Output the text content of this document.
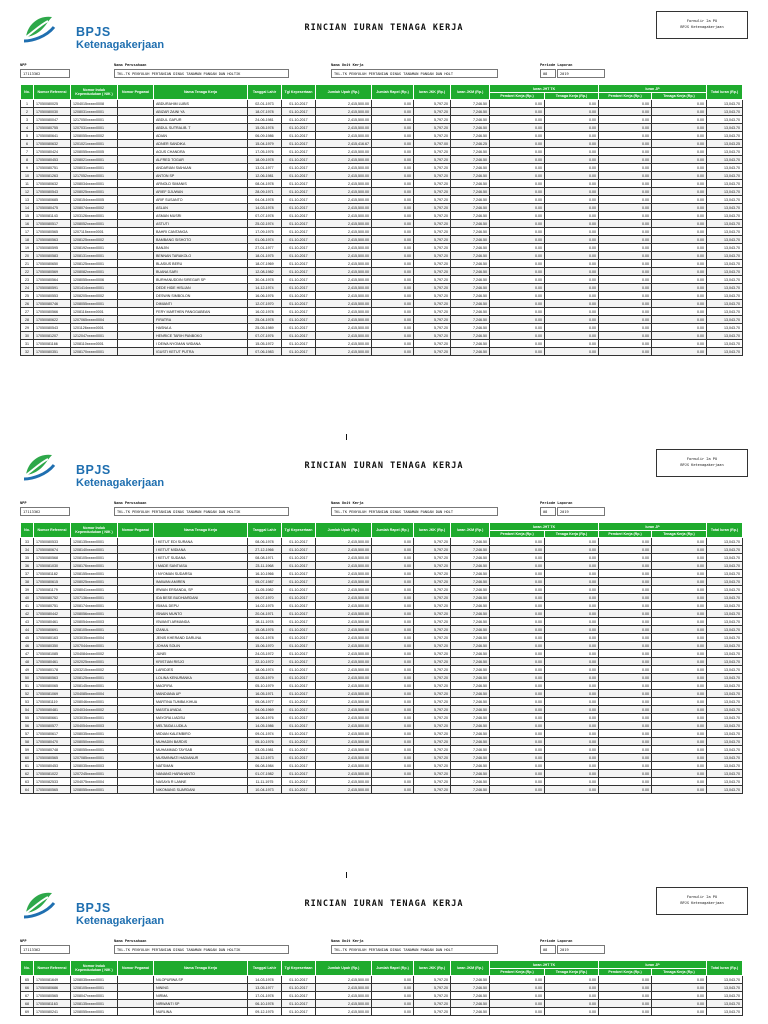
BPJS
Ketenagakerjaan
RINCIAN IURAN TENAGA KERJA
Formulir 2a PU
BPJS Ketenagakerjaan
NPP
17113362
Nama Perusahaan
TKL-TK PENYULUH PERTANIAN DINAS TANAMAN PANGAN DAN HOLTIK
Nama Unit Kerja
TKL-TK PENYULUH PERTANIAN DINAS TANAMAN PANGAN DAN HOLT
Periode Laporan
08	2019
No.	Nomor Referensi	Nomor Induk Kependudukan ( NIK )	Nomor Pegawai	Nama Tenaga Kerja	Tanggal Lahir	Tgl Kepesertaan	Jumlah Upah (Rp.)	Jumlah Rapel (Rp.)	Iuran JKK (Rp.)	Iuran JKM (Rp.)	Iuran JHT TK		Iuran JP		Total Iuran (Rp.)
											Pemberi Kerja (Rp.)	Tenaga Kerja (Rp.)	Pemberi Kerja (Rp.)	Tenaga Kerja (Rp.)	
1	17050080025	1204015xxxxx0008		ABDURAHIM LUBIS	02-01-1973	01-10-2017	2,415,500.00	0.00	5,797.20	7,246.50	0.00	0.00	0.00	0.00	13,043.70
2	17050080030	1208031xxxxx0001		ABIZAR ZAINI YA	18-07-1978	01-10-2017	2,415,500.00	0.00	5,797.20	7,246.50	0.00	0.00	0.00	0.00	13,043.70
3	17050080047	1217050xxxxx0001		ABDUL GAFUR	24-06-1981	01-10-2017	2,415,500.00	0.00	5,797.20	7,246.50	0.00	0.00	0.00	0.00	13,043.70
4	17050080755	1207031xxxxx0001		ABDUL SUTRALIB. T	15-05-1978	01-10-2017	2,415,500.00	0.00	5,797.20	7,246.50	0.00	0.00	0.00	0.00	13,043.70
5	17050080641	1208055xxxxx0002		ADIAN	06-09-1986	01-10-2017	2,415,500.00	0.00	5,797.20	7,246.50	0.00	0.00	0.00	0.00	13,043.70
6	17050080632	1201021xxxxx0001		ADNER SANDIKA	15-04-1979	01-10-2017	2,415,416.67	0.00	5,797.00	7,246.25	0.00	0.00	0.00	0.00	13,043.25
7	17050080424	1208055xxxxx0005		AGUS CHANDRA	17-05-1976	01-10-2017	2,415,500.00	0.00	5,797.20	7,246.50	0.00	0.00	0.00	0.00	13,043.70
8	17050080453	1208021xxxxx0001		ALFRED TOGAR	18-09-1978	01-10-2017	2,415,500.00	0.00	5,797.20	7,246.50	0.00	0.00	0.00	0.00	13,043.70
9	17050080751	1208031xxxxx0001		ANDARIAN SIAHAAN	13-01-1977	01-10-2017	2,415,500.00	0.00	5,797.20	7,246.50	0.00	0.00	0.00	0.00	13,043.70
10	17050081263	1217052xxxxx0001		ANTON SP	12-06-1981	01-10-2017	2,415,500.00	0.00	5,797.20	7,246.50	0.00	0.00	0.00	0.00	13,043.70
11	17050080632	1208034xxxxx0001		ARNOLD SIMANIS	08-04-1978	01-10-2017	2,415,500.00	0.00	5,797.20	7,246.50	0.00	0.00	0.00	0.00	13,043.70
12	17050080543	1208025xxxxx0001		ARIEF DJUWAN	28-09-1971	01-10-2017	2,415,500.00	0.00	5,797.20	7,246.50	0.00	0.00	0.00	0.00	13,043.70
13	17050080685	1208154xxxxx0005		ARIF SUSANTO	04-04-1978	01-10-2017	2,415,500.00	0.00	5,797.20	7,246.50	0.00	0.00	0.00	0.00	13,043.70
14	17050080475	1208074xxxxx0002		ASLAN	14-03-1978	01-10-2017	2,415,500.00	0.00	5,797.20	7,246.50	0.00	0.00	0.00	0.00	13,043.70
15	17050081143	1203126xxxxx0001		ASMAN MUSRI	07-07-1978	01-10-2017	2,415,500.00	0.00	5,797.20	7,246.50	0.00	0.00	0.00	0.00	13,043.70
16	17050080517	1208052xxxxx0001		ASTUTI	25-02-1974	01-10-2017	2,415,500.00	0.00	5,797.20	7,246.50	0.00	0.00	0.00	0.00	13,043.70
17	17050080565	1207115xxxxx0001		BAHRI CANTANGA	17-09-1975	01-10-2017	2,415,500.00	0.00	5,797.20	7,246.50	0.00	0.00	0.00	0.00	13,043.70
18	17050080563	1208125xxxxx0002		BAMBANG SISHOTO	01-06-1974	01-10-2017	2,415,500.00	0.00	5,797.20	7,246.50	0.00	0.00	0.00	0.00	13,043.70
19	17050080595	1208192xxxxx0001		BANJIN	27-01-1977	01-10-2017	2,415,500.00	0.00	5,797.20	7,246.50	0.00	0.00	0.00	0.00	13,043.70
20	17050080583	1208131xxxxx0001		BENNAN TARAKOLO	18-01-1975	01-10-2017	2,415,500.00	0.00	5,797.20	7,246.50	0.00	0.00	0.00	0.00	13,043.70
21	17050080650	1208125xxxxx0001		BLASIUS BERU	18-07-1969	01-10-2017	2,415,500.00	0.00	5,797.20	7,246.50	0.00	0.00	0.00	0.00	13,043.70
22	17050080569	1208082xxxxx0001		BUANA SARI	12-08-1982	01-10-2017	2,415,500.00	0.00	5,797.20	7,246.50	0.00	0.00	0.00	0.00	13,043.70
23	17050080564	1208055xxxxx0006		BURHANUDDIN SIREGAR SP	30-04-1978	01-10-2017	2,415,500.00	0.00	5,797.20	7,246.50	0.00	0.00	0.00	0.00	13,043.70
24	17050080591	1201414xxxxx0001		DEDE HIDE HISLIAN	14-12-1974	01-10-2017	2,415,500.00	0.00	5,797.20	7,246.50	0.00	0.00	0.00	0.00	13,043.70
25	17050080553	1208205xxxxx0002		DESWIN SIMBOLON	16-06-1976	01-10-2017	2,415,500.00	0.00	5,797.20	7,246.50	0.00	0.00	0.00	0.00	13,043.70
26	17050080746	1208055xxxxx0001		DIMIANTI	12-07-1970	01-10-2017	2,415,500.00	0.00	5,797.20	7,246.50	0.00	0.00	0.00	0.00	13,043.70
27	17050080566	1208116xxxxx0001		FERY MARTHEN PANGGABEAN	16-02-1978	01-10-2017	2,415,500.00	0.00	5,797.20	7,246.50	0.00	0.00	0.00	0.00	13,043.70
28	17050080622	1207065xxxxx0004		FIRATRA	25-04-1978	01-10-2017	2,415,500.00	0.00	5,797.20	7,246.50	0.00	0.00	0.00	0.00	13,043.70
29	17050080543	1201126xxxxx0001		HASNA A	25-05-1989	01-10-2017	2,415,500.00	0.00	5,797.20	7,246.50	0.00	0.00	0.00	0.00	13,043.70
30	17050081207	1212047xxxxx0001		HENRICE TARIH PANBOKO	07-07-1976	01-10-2017	2,415,500.00	0.00	5,797.20	7,246.50	0.00	0.00	0.00	0.00	13,043.70
31	17050081166	1208110xxxxx0001		I DEWA NYOMAN WIDANA	15-05-1972	01-10-2017	2,415,500.00	0.00	5,797.20	7,246.50	0.00	0.00	0.00	0.00	13,043.70
32	17050080351	1208170xxxxx0001		IGUSTI KETUT PUTRA	07-06-1983	01-10-2017	2,415,500.00	0.00	5,797.20	7,246.50	0.00	0.00	0.00	0.00	13,043.70
BPJS
Ketenagakerjaan
RINCIAN IURAN TENAGA KERJA
Formulir 2a PU
BPJS Ketenagakerjaan
NPP
17113362
Nama Perusahaan
TKL-TK PENYULUH PERTANIAN DINAS TANAMAN PANGAN DAN HOLTIK
Nama Unit Kerja
TKL-TK PENYULUH PERTANIAN DINAS TANAMAN PANGAN DAN HOLT
Periode Laporan
08	2019
No.	Nomor Referensi	Nomor Induk Kependudukan ( NIK )	Nomor Pegawai	Nama Tenaga Kerja	Tanggal Lahir	Tgl Kepesertaan	Jumlah Upah (Rp.)	Jumlah Rapel (Rp.)	Iuran JKK (Rp.)	Iuran JKM (Rp.)	Iuran JHT TK		Iuran JP		Total Iuran (Rp.)
											Pemberi Kerja (Rp.)	Tenaga Kerja (Rp.)	Pemberi Kerja (Rp.)	Tenaga Kerja (Rp.)	
33	17050080533	1208135xxxxx0001		I KETUT EDI SURANA	08-06-1978	01-10-2017	2,415,500.00	0.00	5,797.20	7,246.50	0.00	0.00	0.00	0.00	13,043.70
34	17050080674	1208140xxxxx0001		I KETUT MIDIANA	27-12-1966	01-10-2017	2,415,500.00	0.00	5,797.20	7,246.50	0.00	0.00	0.00	0.00	13,043.70
35	17050080568	1208105xxxxx0001		I KETUT SUDANA	08-08-1971	01-10-2017	2,415,500.00	0.00	5,797.20	7,246.50	0.00	0.00	0.00	0.00	13,043.70
36	17050081030	1208176xxxxx0001		I MADE SANTIASA	23-11-1968	01-10-2017	2,415,500.00	0.00	5,797.20	7,246.50	0.00	0.00	0.00	0.00	13,043.70
37	17050081182	1208155xxxxx0001		I NYOMAN SUDARSA	16-10-1966	01-10-2017	2,415,500.00	0.00	5,797.20	7,246.50	0.00	0.00	0.00	0.00	13,043.70
38	17050080615	1208025xxxxx0001		IMAWAN AMIREN	05-07-1987	01-10-2017	2,415,500.00	0.00	5,797.20	7,246.50	0.00	0.00	0.00	0.00	13,043.70
39	17050081179	1208041xxxxx0001		IRWAN ERSANDA, SP	11-05-1982	01-10-2017	2,415,500.00	0.00	5,797.20	7,246.50	0.00	0.00	0.00	0.00	13,043.70
40	17050080752	1207136xxxxx0001		IDA BESE BUDHIARDANI	09-07-1970	01-10-2017	2,415,500.00	0.00	5,797.20	7,246.50	0.00	0.00	0.00	0.00	13,043.70
41	17050080751	1208174xxxxx0001		ISMAIL DEPU	14-02-1975	01-10-2017	2,415,500.00	0.00	5,797.20	7,246.50	0.00	0.00	0.00	0.00	13,043.70
42	17050080442	1208056xxxxx0001		ISNAIN MUNTO	20-04-1971	01-10-2017	2,415,500.00	0.00	5,797.20	7,246.50	0.00	0.00	0.00	0.00	13,043.70
43	17050080461	1208054xxxxx0003		ISWANTI ARMANDA	28-11-1978	01-10-2017	2,415,500.00	0.00	5,797.20	7,246.50	0.00	0.00	0.00	0.00	13,043.70
44	17050080691	1208105xxxxx0001		IZANUL	15-08-1976	01-10-2017	2,415,500.00	0.00	5,797.20	7,246.50	0.00	0.00	0.00	0.00	13,043.70
45	17050080163	1203035xxxxx0004		JENIS KHERAND DARLINA	06-01-1978	01-10-2017	2,415,500.00	0.00	5,797.20	7,246.50	0.00	0.00	0.00	0.00	13,043.70
46	17050080350	1207044xxxxx0001		JOHAN SOLIN	15-06-1970	01-10-2017	2,415,500.00	0.00	5,797.20	7,246.50	0.00	0.00	0.00	0.00	13,043.70
47	17050081085	1204084xxxxx0002		JUNEI	24-03-1972	01-10-2017	2,415,500.00	0.00	5,797.20	7,246.50	0.00	0.00	0.00	0.00	13,043.70
48	17050080461	1202025xxxxx0001		KRISTIAN RISJO	22-10-1972	01-10-2017	2,415,500.00	0.00	5,797.20	7,246.50	0.00	0.00	0.00	0.00	13,043.70
49	17050080178	1203215xxxxx0002		LARIDJES	18-06-1974	01-10-2017	2,415,500.00	0.00	5,797.20	7,246.50	0.00	0.00	0.00	0.00	13,043.70
50	17050080563	1208125xxxxx0001		LOLINA KENURANKA	02-05-1979	01-10-2017	2,415,500.00	0.00	5,797.20	7,246.50	0.00	0.00	0.00	0.00	13,043.70
51	17050080065	1208145xxxxx0001		MAGFIRA	05-10-1979	01-10-2017	2,415,500.00	0.00	5,797.20	7,246.50	0.00	0.00	0.00	0.00	13,043.70
52	17050081069	1204085xxxxx0004		MANDIANA UP	16-05-1971	01-10-2017	2,415,500.00	0.00	5,797.20	7,246.50	0.00	0.00	0.00	0.00	13,043.70
53	17050081119	1208046xxxxx0001		MARTINA TUMBA KIHUA	05-08-1977	01-10-2017	2,415,500.00	0.00	5,797.20	7,246.50	0.00	0.00	0.00	0.00	13,043.70
54	17050080481	1204034xxxxx0002		MASITA AYADA	04-06-1969	01-10-2017	2,415,500.00	0.00	5,797.20	7,246.50	0.00	0.00	0.00	0.00	13,043.70
55	17050080661	1203035xxxxx0001		MAYORA LIADSU	16-06-1976	01-10-2017	2,415,500.00	0.00	5,797.20	7,246.50	0.00	0.00	0.00	0.00	13,043.70
56	17050080577	1204054xxxxx0003		MELTAIDA LUDILA	14-05-1986	01-10-2017	2,415,500.00	0.00	5,797.20	7,246.50	0.00	0.00	0.00	0.00	13,043.70
57	17050080617	1208035xxxxx0001		MIDIAN KALEMBIRO	09-01-1974	01-10-2017	2,415,500.00	0.00	5,797.20	7,246.50	0.00	0.00	0.00	0.00	13,043.70
58	17050080470	1208050xxxxx0001		MUHADIN BARDIS	05-10-1976	01-10-2017	2,415,500.00	0.00	5,797.20	7,246.50	0.00	0.00	0.00	0.00	13,043.70
59	17050080748	1208055xxxxx0001		MUHAMMAD TAYSAB	03-05-1981	01-10-2017	2,415,500.00	0.00	5,797.20	7,246.50	0.00	0.00	0.00	0.00	13,043.70
60	17050080565	1207085xxxxx0001		MUSMINNATI HADIANUR	26-12-1973	01-10-2017	2,415,500.00	0.00	5,797.20	7,246.50	0.00	0.00	0.00	0.00	13,043.70
61	17050080453	1208035xxxxx0003		NATSMAN	06-08-1984	01-10-2017	2,415,500.00	0.00	5,797.20	7,246.50	0.00	0.00	0.00	0.00	13,043.70
62	17050081022	1207245xxxxx0001		NANANG HARAHANTO	01-07-1982	01-10-2017	2,415,500.00	0.00	5,797.20	7,246.50	0.00	0.00	0.00	0.00	13,043.70
63	17050082533	1204075xxxxx0004		NASAYA R LANNE	11-11-1975	01-10-2017	2,415,500.00	0.00	5,797.20	7,246.50	0.00	0.00	0.00	0.00	13,043.70
64	17050080565	1208055xxxxx0001		NIKOMANG SUARDANI	10-04-1973	01-10-2017	2,415,500.00	0.00	5,797.20	7,246.50	0.00	0.00	0.00	0.00	13,043.70
BPJS
Ketenagakerjaan
RINCIAN IURAN TENAGA KERJA
Formulir 2a PU
BPJS Ketenagakerjaan
NPP
17113362
Nama Perusahaan
TKL-TK PENYULUH PERTANIAN DINAS TANAMAN PANGAN DAN HOLTIK
Nama Unit Kerja
TKL-TK PENYULUH PERTANIAN DINAS TANAMAN PANGAN DAN HOLT
Periode Laporan
08	2019
No.	Nomor Referensi	Nomor Induk Kependudukan ( NIK )	Nomor Pegawai	Nama Tenaga Kerja	Tanggal Lahir	Tgl Kepesertaan	Jumlah Upah (Rp.)	Jumlah Rapel (Rp.)	Iuran JKK (Rp.)	Iuran JKM (Rp.)	Iuran JHT TK		Iuran JP		Total Iuran (Rp.)
											Pemberi Kerja (Rp.)	Tenaga Kerja (Rp.)	Pemberi Kerja (Rp.)	Tenaga Kerja (Rp.)	
65	17050081649	1208035xxxxx0001		NILOPURWA SP	14-03-1978	01-10-2017	2,415,500.00	0.00	5,797.20	7,246.50	0.00	0.00	0.00	0.00	13,043.70
66	17050080686	1208105xxxxx0001		NINING	13-05-1977	01-10-2017	2,415,500.00	0.00	5,797.20	7,246.50	0.00	0.00	0.00	0.00	13,043.70
67	17050080565	1208047xxxxx0001		NIRMA	17-01-1978	01-10-2017	2,415,500.00	0.00	5,797.20	7,246.50	0.00	0.00	0.00	0.00	13,043.70
68	17050081163	1208135xxxxx0001		NIRWANTI SP	06-10-1978	01-10-2017	2,415,500.00	0.00	5,797.20	7,246.50	0.00	0.00	0.00	0.00	13,043.70
69	17050080241	1208055xxxxx0001		NURLINA	09-12-1975	01-10-2017	2,415,500.00	0.00	5,797.20	7,246.50	0.00	0.00	0.00	0.00	13,043.70
